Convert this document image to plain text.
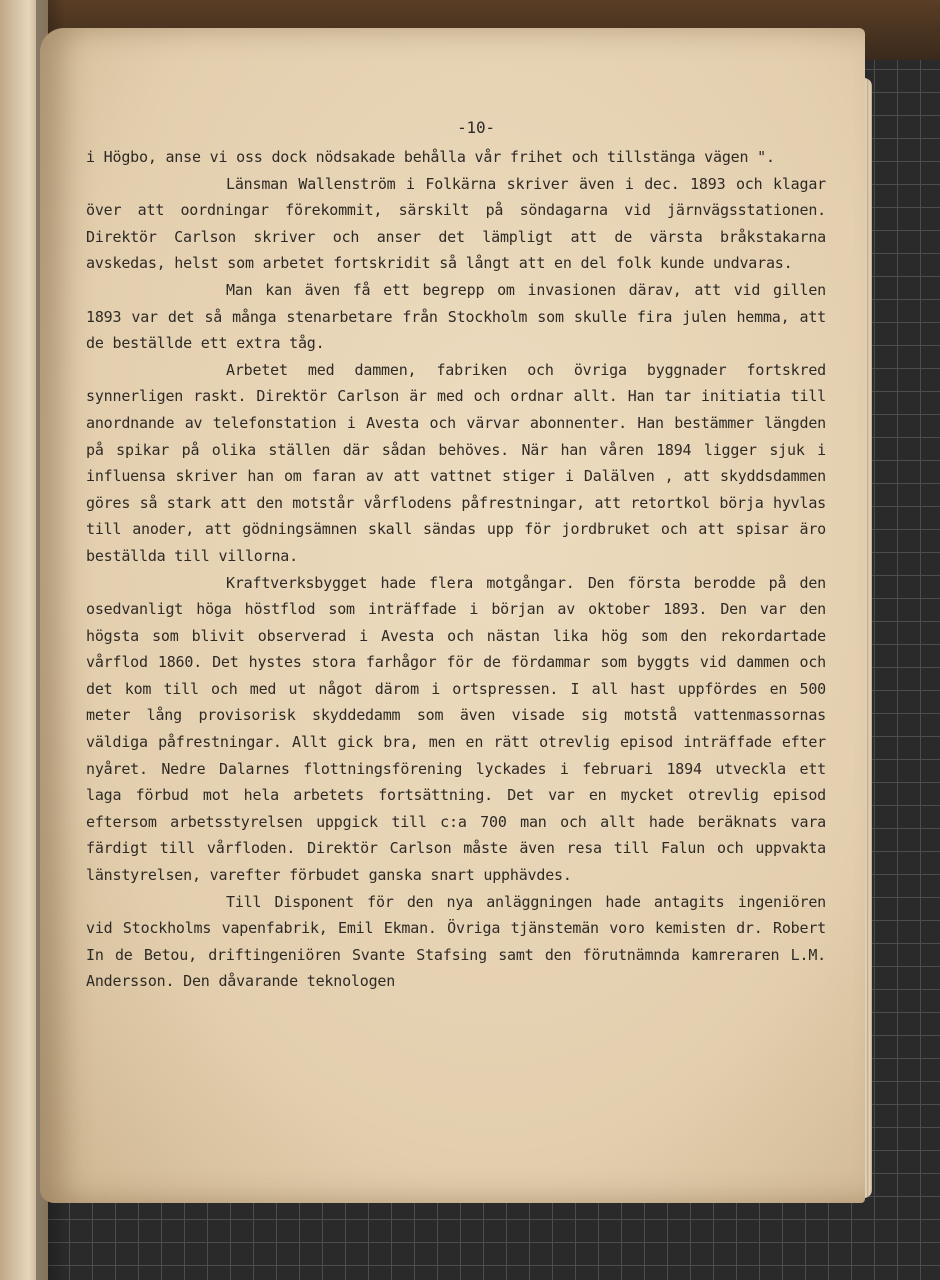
-10-

i Högbo, anse vi oss dock nödsakade behålla vår frihet och tillstänga vägen ".

Länsman Wallenström i Folkärna skriver även i dec. 1893 och klagar över att oordningar förekommit, särskilt på söndagarna vid järnvägsstationen. Direktör Carlson skriver och anser det lämpligt att de värsta bråkstakarna avskedas, helst som arbetet fortskridit så långt att en del folk kunde undvaras.

Man kan även få ett begrepp om invasionen därav, att vid gillen 1893 var det så många stenarbetare från Stockholm som skulle fira julen hemma, att de beställde ett extra tåg.

Arbetet med dammen, fabriken och övriga byggnader fortskred synnerligen raskt. Direktör Carlson är med och ordnar allt. Han tar initiatia till anordnande av telefonstation i Avesta och värvar abonnenter. Han bestämmer längden på spikar på olika ställen där sådan behöves. När han våren 1894 ligger sjuk i influensa skriver han om faran av att vattnet stiger i Dalälven , att skyddsdammen göres så stark att den motstår vårflodens påfrestningar, att retortkol börja hyvlas till anoder, att gödningsämnen skall sändas upp för jordbruket och att spisar äro beställda till villorna.

Kraftverksbygget hade flera motgångar. Den första berodde på den osedvanligt höga höstflod som inträffade i början av oktober 1893. Den var den högsta som blivit observerad i Avesta och nästan lika hög som den rekordartade vårflod 1860. Det hystes stora farhågor för de fördammar som byggts vid dammen och det kom till och med ut något därom i ortspressen. I all hast uppfördes en 500 meter lång provisorisk skyddedamm som även visade sig motstå vattenmassornas väldiga påfrestningar. Allt gick bra, men en rätt otrevlig episod inträffade efter nyåret. Nedre Dalarnes flottningsförening lyckades i februari 1894 utveckla ett laga förbud mot hela arbetets fortsättning. Det var en mycket otrevlig episod eftersom arbetsstyrelsen uppgick till c:a 700 man och allt hade beräknats vara färdigt till vårfloden. Direktör Carlson måste även resa till Falun och uppvakta länstyrelsen, varefter förbudet ganska snart upphävdes.

Till Disponent för den nya anläggningen hade antagits ingeniören vid Stockholms vapenfabrik, Emil Ekman. Övriga tjänstemän voro kemisten dr. Robert In de Betou, driftingeniören Svante Stafsing samt den förutnämnda kamreraren L.M. Andersson. Den dåvarande teknologen
